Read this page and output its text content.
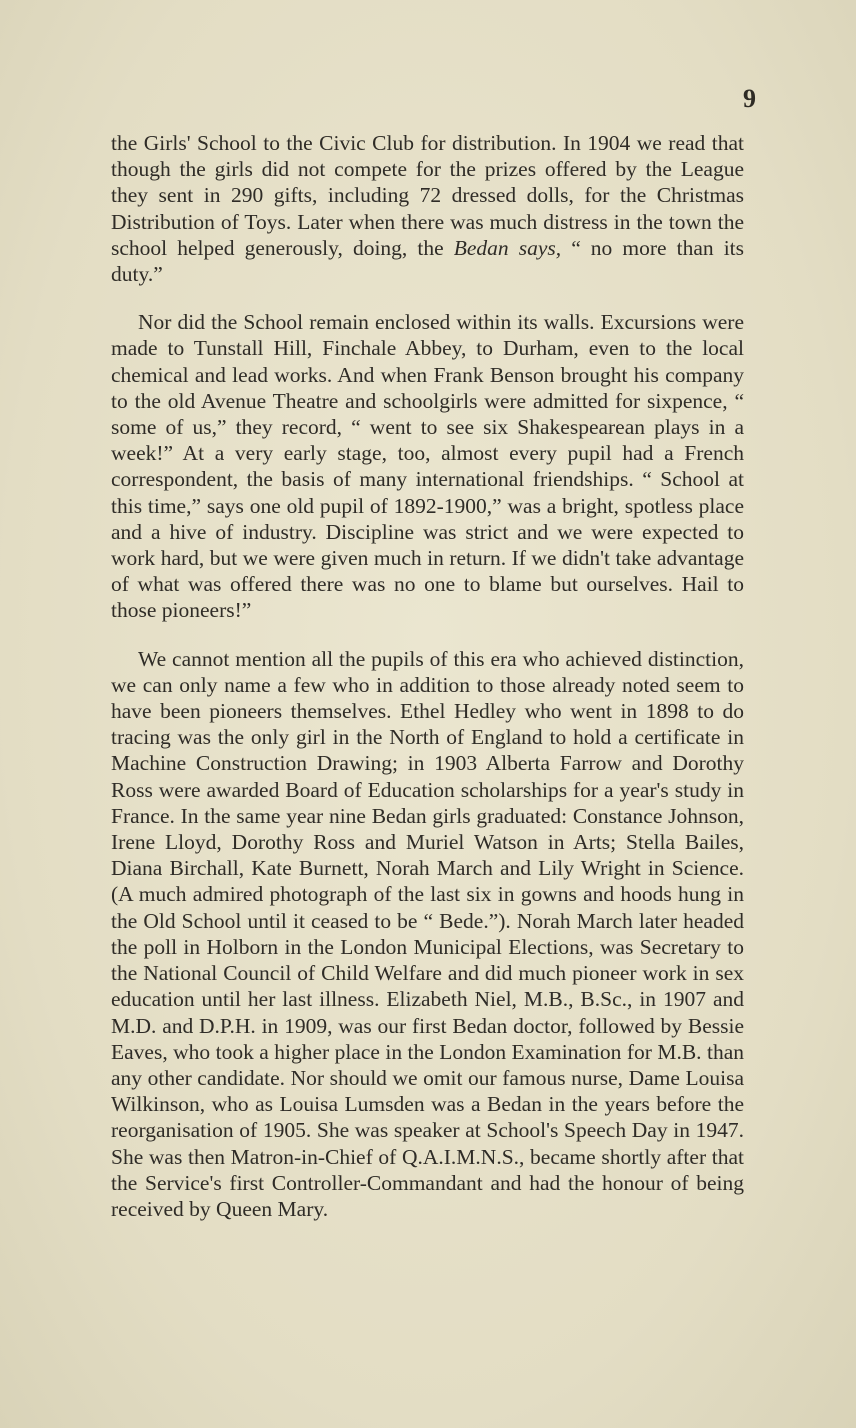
9

the Girls' School to the Civic Club for distribution. In 1904 we read that though the girls did not compete for the prizes offered by the League they sent in 290 gifts, including 72 dressed dolls, for the Christmas Distribution of Toys. Later when there was much distress in the town the school helped generously, doing, the Bedan says, “ no more than its duty.”

Nor did the School remain enclosed within its walls. Excursions were made to Tunstall Hill, Finchale Abbey, to Durham, even to the local chemical and lead works. And when Frank Benson brought his company to the old Avenue Theatre and schoolgirls were admitted for sixpence, “ some of us,” they record, “ went to see six Shakespearean plays in a week!” At a very early stage, too, almost every pupil had a French correspondent, the basis of many international friendships. “ School at this time,” says one old pupil of 1892-1900,” was a bright, spotless place and a hive of industry. Discipline was strict and we were expected to work hard, but we were given much in return. If we didn't take advantage of what was offered there was no one to blame but ourselves. Hail to those pioneers!”

We cannot mention all the pupils of this era who achieved distinction, we can only name a few who in addition to those already noted seem to have been pioneers themselves. Ethel Hedley who went in 1898 to do tracing was the only girl in the North of England to hold a certificate in Machine Construction Drawing; in 1903 Alberta Farrow and Dorothy Ross were awarded Board of Education scholarships for a year's study in France. In the same year nine Bedan girls graduated: Constance Johnson, Irene Lloyd, Dorothy Ross and Muriel Watson in Arts; Stella Bailes, Diana Birchall, Kate Burnett, Norah March and Lily Wright in Science. (A much admired photograph of the last six in gowns and hoods hung in the Old School until it ceased to be “ Bede.”). Norah March later headed the poll in Holborn in the London Municipal Elections, was Secretary to the National Council of Child Welfare and did much pioneer work in sex education until her last illness. Elizabeth Niel, M.B., B.Sc., in 1907 and M.D. and D.P.H. in 1909, was our first Bedan doctor, followed by Bessie Eaves, who took a higher place in the London Examination for M.B. than any other candidate. Nor should we omit our famous nurse, Dame Louisa Wilkinson, who as Louisa Lumsden was a Bedan in the years before the reorganisation of 1905. She was speaker at School's Speech Day in 1947. She was then Matron-in-Chief of Q.A.I.M.N.S., became shortly after that the Service's first Controller-Commandant and had the honour of being received by Queen Mary.
